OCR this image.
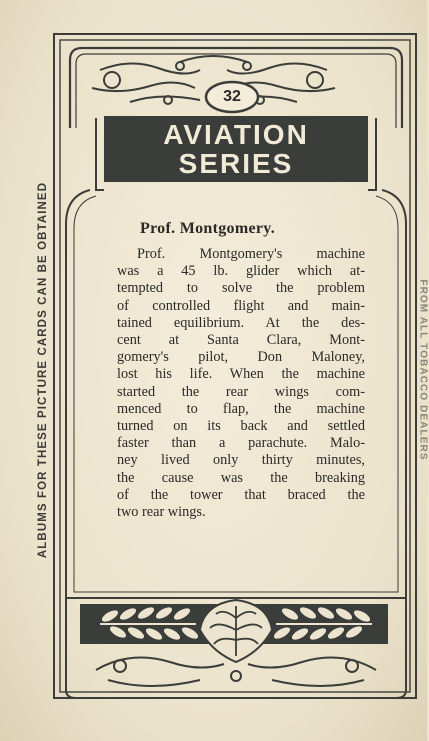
32
AVIATION
SERIES
Prof. Montgomery.
Prof. Montgomery's machine
was a 45 lb. glider which at-
tempted to solve the problem
of controlled flight and main-
tained equilibrium. At the des-
cent at Santa Clara, Mont-
gomery's pilot, Don Maloney,
lost his life. When the machine
started the rear wings com-
menced to flap, the machine
turned on its back and settled
faster than a parachute. Malo-
ney lived only thirty minutes,
the cause was the breaking
of the tower that braced the
two rear wings.
ALBUMS FOR THESE PICTURE CARDS CAN BE OBTAINED	FROM ALL TOBACCO DEALERS
